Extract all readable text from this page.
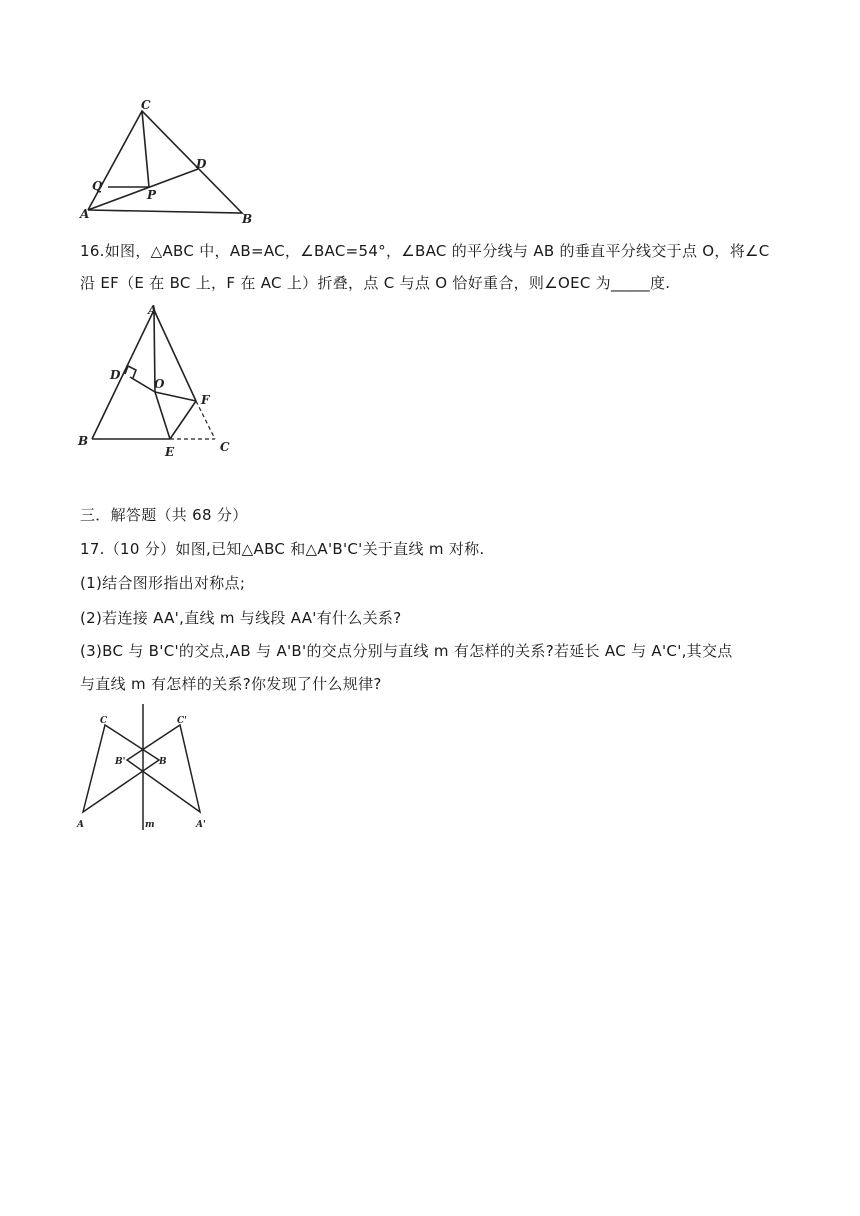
C
D
Q
P
A	B
16.如图，△ABC 中，AB=AC，∠BAC=54°，∠BAC 的平分线与 AB 的垂直平分线交于点 O，将∠C
沿 EF（E 在 BC 上，F 在 AC 上）折叠，点 C 与点 O 恰好重合，则∠OEC 为_____度.
A
D
O
F
B
E	C
三．解答题（共 68 分）
17.（10 分）如图,已知△ABC 和△A'B'C'关于直线 m 对称.
(1)结合图形指出对称点;
(2)若连接 AA',直线 m 与线段 AA'有什么关系?
(3)BC 与 B'C'的交点,AB 与 A'B'的交点分别与直线 m 有怎样的关系?若延长 AC 与 A'C',其交点
与直线 m 有怎样的关系?你发现了什么规律?
C	C'
B'	B
A	m	A'
